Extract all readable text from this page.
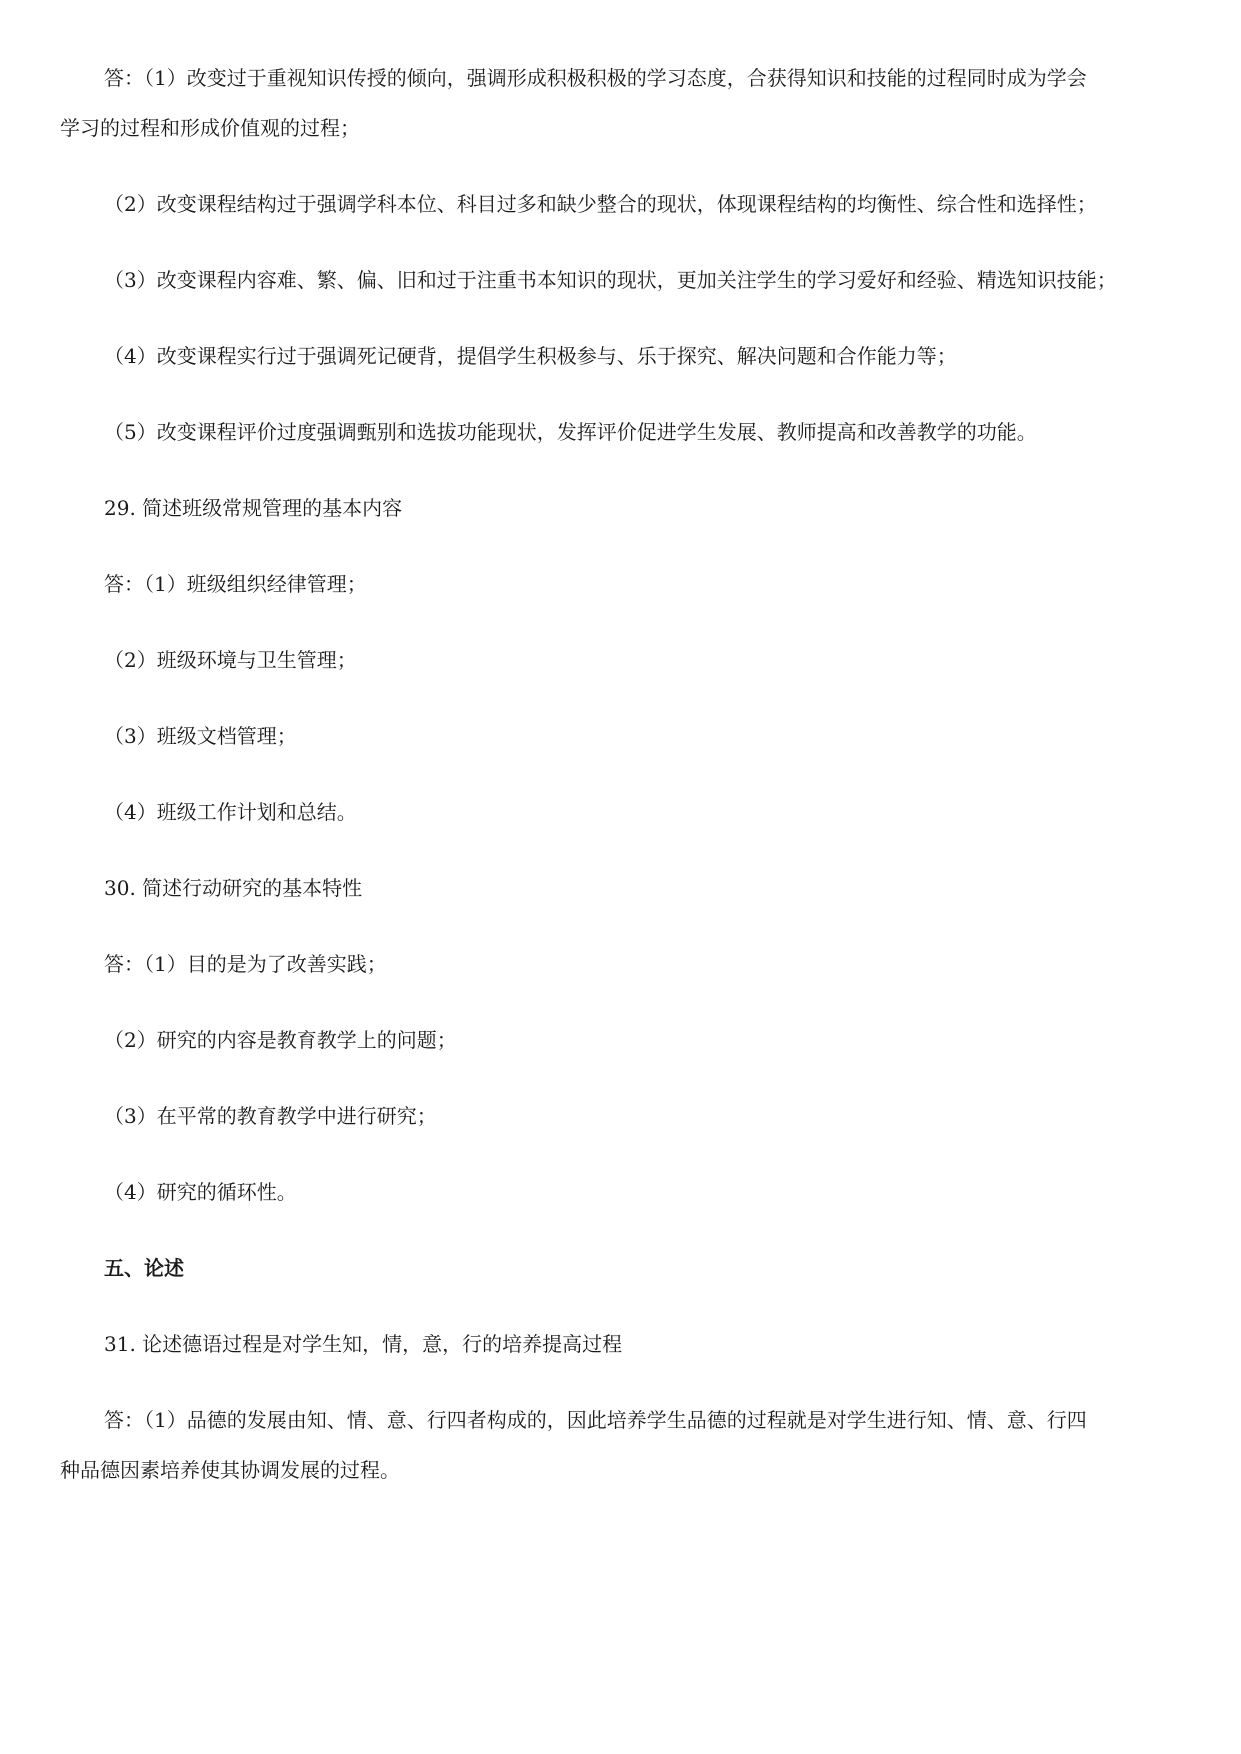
答：（1）改变过于重视知识传授的倾向，强调形成积极积极的学习态度，合获得知识和技能的过程同时成为学会
学习的过程和形成价值观的过程；
（2）改变课程结构过于强调学科本位、科目过多和缺少整合的现状，体现课程结构的均衡性、综合性和选择性；
（3）改变课程内容难、繁、偏、旧和过于注重书本知识的现状，更加关注学生的学习爱好和经验、精选知识技能；
（4）改变课程实行过于强调死记硬背，提倡学生积极参与、乐于探究、解决问题和合作能力等；
（5）改变课程评价过度强调甄别和选拔功能现状，发挥评价促进学生发展、教师提高和改善教学的功能。
29. 简述班级常规管理的基本内容
答：（1）班级组织经律管理；
（2）班级环境与卫生管理；
（3）班级文档管理；
（4）班级工作计划和总结。
30. 简述行动研究的基本特性
答：（1）目的是为了改善实践；
（2）研究的内容是教育教学上的问题；
（3）在平常的教育教学中进行研究；
（4）研究的循环性。
五、论述
31. 论述德语过程是对学生知，情，意，行的培养提高过程
答：（1）品德的发展由知、情、意、行四者构成的，因此培养学生品德的过程就是对学生进行知、情、意、行四
种品德因素培养使其协调发展的过程。
